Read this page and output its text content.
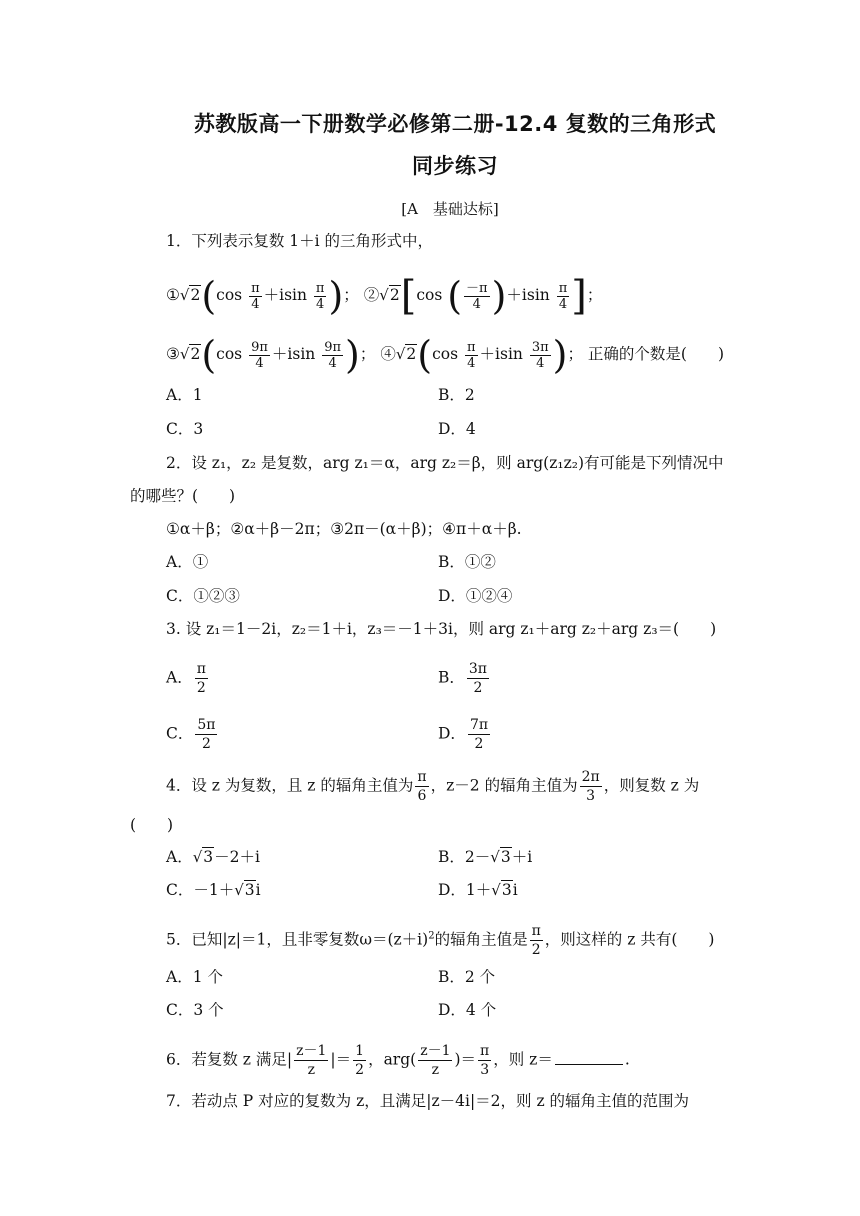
苏教版高一下册数学必修第二册-12.4 复数的三角形式
同步练习
[A　基础达标]
1．下列表示复数 1＋i 的三角形式中，
①√2(cos $\frac{\pi}{4} +isin \frac{\pi}{4}$ )； ②√2[cos ( $\frac{-\pi}{4} )+isin \frac{\pi}{4}$ ]；
③√2(cos $\frac{9\pi}{4} +isin \frac{9\pi}{4}$ )； ④√2(cos $\frac{\pi}{4} +isin \frac{3\pi}{4}$ )； 正确的个数是(　　)
A．1	B．2
C．3	D．4
2．设 z₁，z₂ 是复数，arg z₁＝α，arg z₂＝β，则 arg(z₁z₂)有可能是下列情况中
的哪些？(　　)
①α＋β；②α＋β－2π；③2π－(α＋β)；④π＋α＋β.
A．①	B．①②
C．①②③	D．①②④
3. 设 z₁＝1－2i，z₂＝1＋i，z₃＝－1＋3i，则 arg z₁＋arg z₂＋arg z₃＝(　　)
A． $\frac{\pi}{2}$	B． $\frac{3\pi}{2}$
C． $\frac{5\pi}{2}$	D． $\frac{7\pi}{2}$
4．设 z 为复数，且 z 的辐角主值为 $\frac{\pi}{6}$ ，z－2 的辐角主值为 $\frac{2\pi}{3}$ ，则复数 z 为
(　　)
A．√3－2＋i	B．2－√3＋i
C．－1＋√3i	D．1＋√3i
5．已知|z|＝1，且非零复数$\omega=(z+i)^2$的辐角主值是 $\frac{\pi}{2}$ ，则这样的 z 共有(　　)
A．1 个	B．2 个
C．3 个	D．4 个
6．若复数 z 满足| $\frac{z-1}{z}$ |＝ $\frac{1}{2}$ ，$arg( \frac{z-1}{z}$ )＝ $\frac{\pi}{3}$ ，则 z＝	.
7．若动点 P 对应的复数为 z，且满足|z－4i|＝2，则 z 的辐角主值的范围为
